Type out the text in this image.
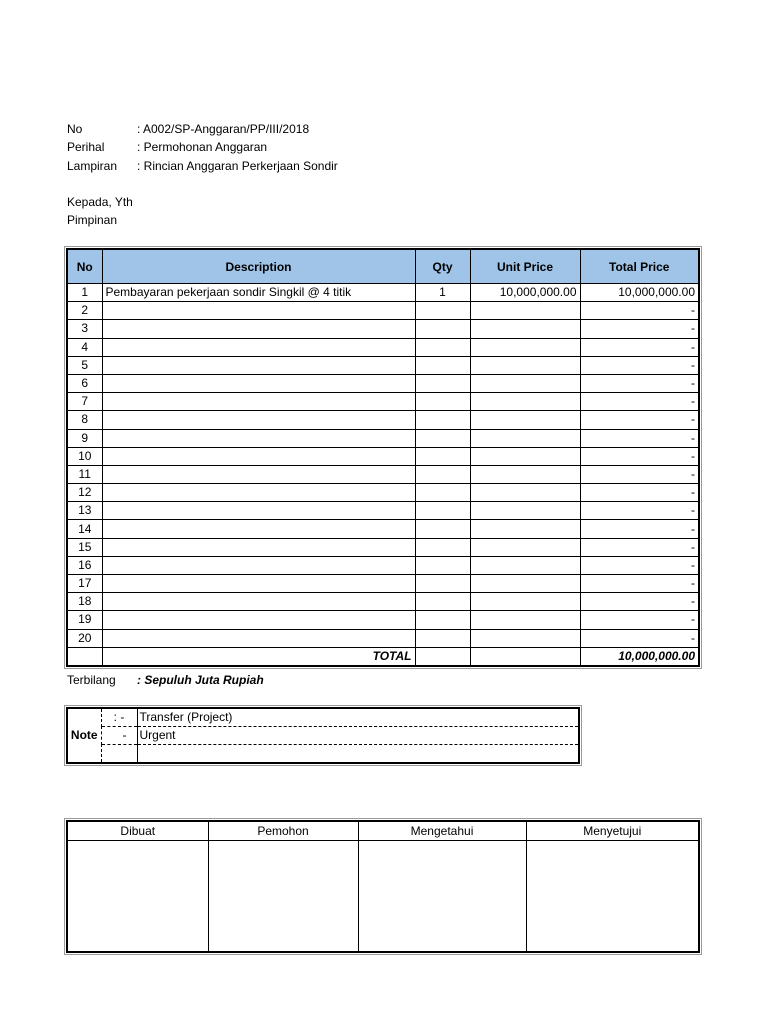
No	: A002/SP-Anggaran/PP/III/2018
Perihal	: Permohonan Anggaran
Lampiran	: Rincian Anggaran Perkerjaan Sondir
Kepada, Yth
Pimpinan
No	Description	Qty	Unit Price	Total Price
1	Pembayaran pekerjaan sondir Singkil @ 4 titik	1	10,000,000.00	10,000,000.00
2				-
3				-
4				-
5				-
6				-
7				-
8				-
9				-
10				-
11				-
12				-
13				-
14				-
15				-
16				-
17				-
18				-
19				-
20				-
	TOTAL			10,000,000.00
Terbilang : Sepuluh Juta Rupiah
Note	: -	Transfer (Project)
	-	Urgent

Dibuat	Pemohon	Mengetahui	Menyetujui
